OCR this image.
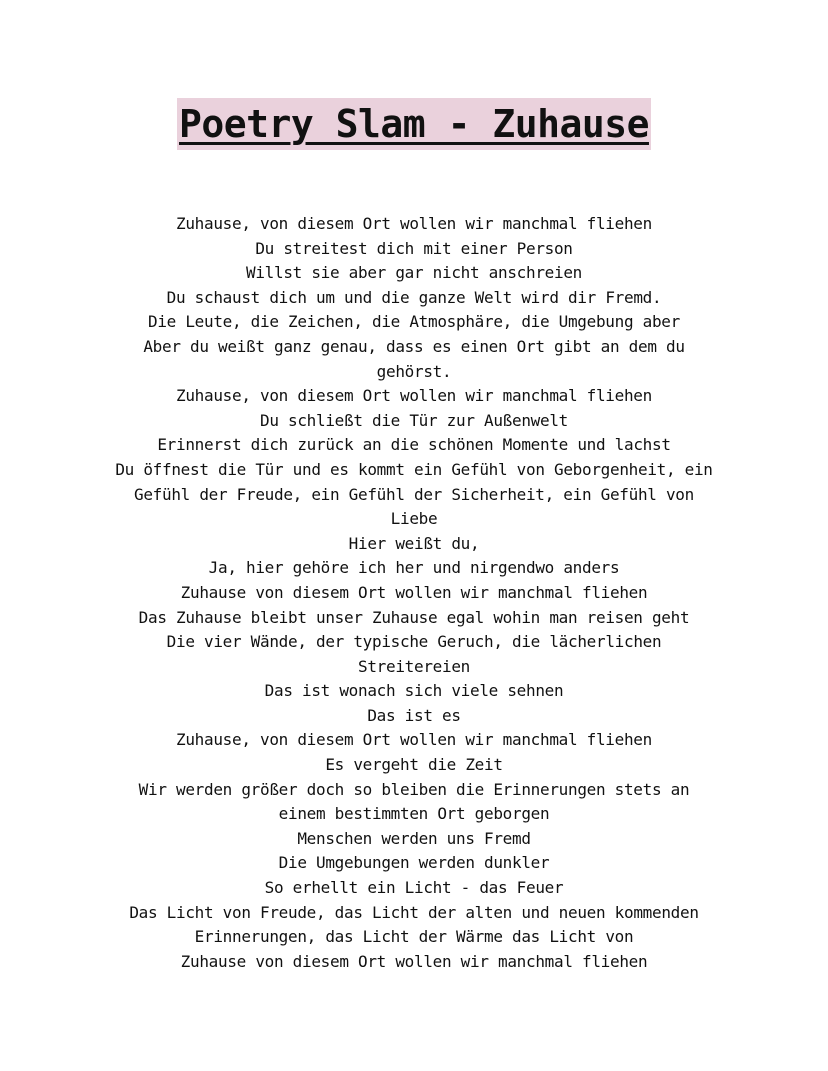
Poetry Slam - Zuhause
Zuhause, von diesem Ort wollen wir manchmal fliehen
Du streitest dich mit einer Person
Willst sie aber gar nicht anschreien
Du schaust dich um und die ganze Welt wird dir Fremd.
Die Leute, die Zeichen, die Atmosphäre, die Umgebung aber
Aber du weißt ganz genau, dass es einen Ort gibt an dem du
gehörst.
Zuhause, von diesem Ort wollen wir manchmal fliehen
Du schließt die Tür zur Außenwelt
Erinnerst dich zurück an die schönen Momente und lachst
Du öffnest die Tür und es kommt ein Gefühl von Geborgenheit, ein
Gefühl der Freude, ein Gefühl der Sicherheit, ein Gefühl von
Liebe
Hier weißt du,
Ja, hier gehöre ich her und nirgendwo anders
Zuhause von diesem Ort wollen wir manchmal fliehen
Das Zuhause bleibt unser Zuhause egal wohin man reisen geht
Die vier Wände, der typische Geruch, die lächerlichen
Streitereien
Das ist wonach sich viele sehnen
Das ist es
Zuhause, von diesem Ort wollen wir manchmal fliehen
Es vergeht die Zeit
Wir werden größer doch so bleiben die Erinnerungen stets an
einem bestimmten Ort geborgen
Menschen werden uns Fremd
Die Umgebungen werden dunkler
So erhellt ein Licht - das Feuer
Das Licht von Freude, das Licht der alten und neuen kommenden
Erinnerungen, das Licht der Wärme das Licht von
Zuhause von diesem Ort wollen wir manchmal fliehen
